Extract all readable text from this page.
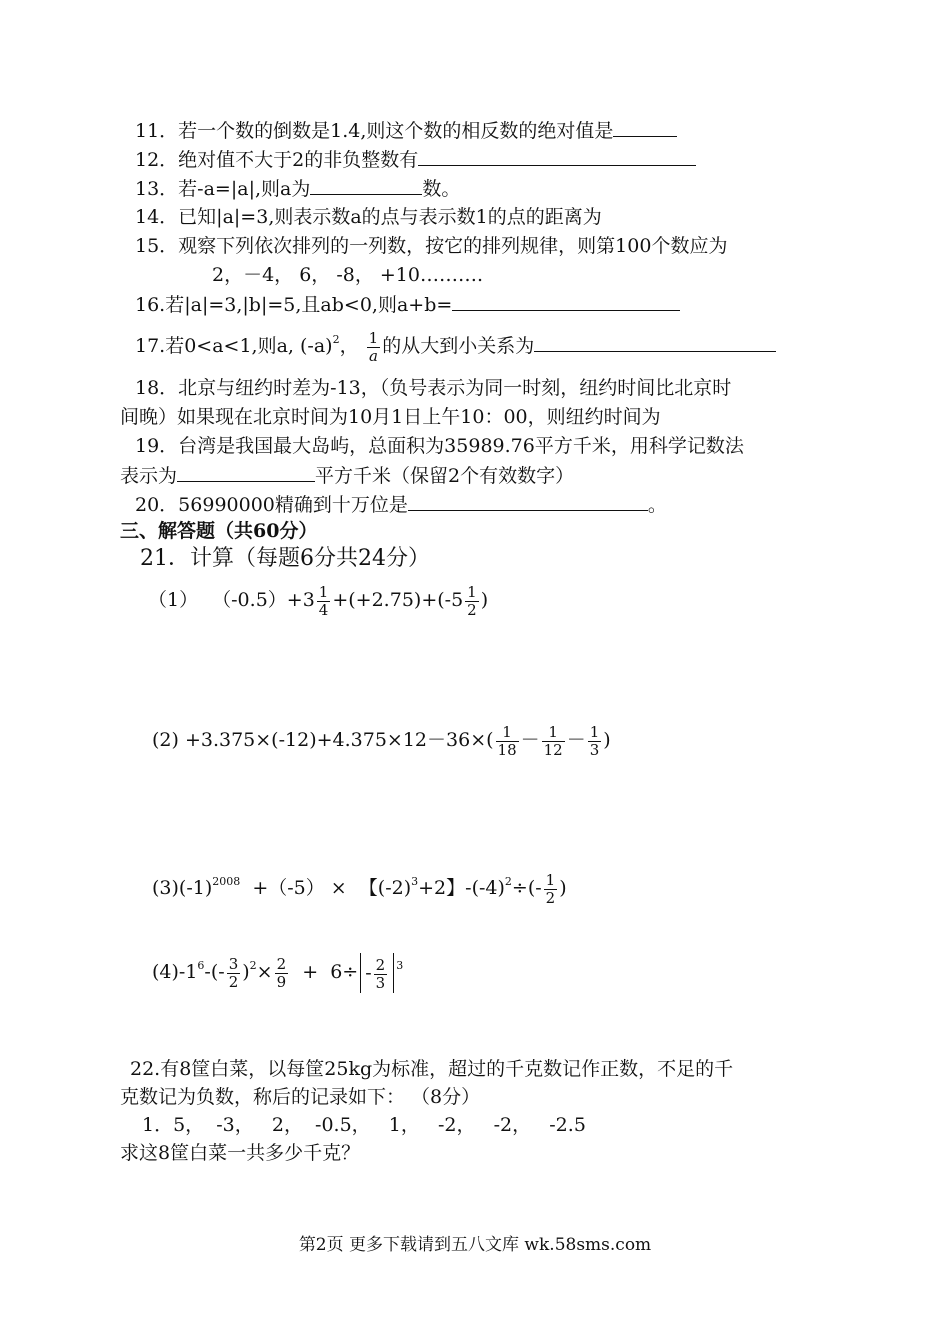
11．若一个数的倒数是1.4,则这个数的相反数的绝对值是
12．绝对值不大于2的非负整数有
13．若-a=|a|,则a为	数。
14．已知|a|=3,则表示数a的点与表示数1的点的距离为
15．观察下列依次排列的一列数，按它的排列规律，则第100个数应为
2，－4， 6， -8， +10……….
16.若|a|=3,|b|=5,且ab<0,则a+b=
17.若0<a<1,则a, $(-a)^2$， $\frac{1}{a}$ 的从大到小关系为
18．北京与纽约时差为-13，（负号表示为同一时刻，纽约时间比北京时
间晚）如果现在北京时间为10月1日上午10：00，则纽约时间为
19．台湾是我国最大岛屿，总面积为35989.76平方千米，用科学记数法
表示为	平方千米（保留2个有效数字）
20．56990000精确到十万位是	。
三、解答题（共60分）
21．计算（每题6分共24分）
（1） $(-0.5)+3 \frac{1}{4} +(+2.75)+(-5 \frac{1}{2}$ )
$(2) +3.375\times(-12)+4.375\times 12-36\times( \frac{1}{18} - \frac{1}{12} - \frac{1}{3}$ )
$(3)(-1)^{2008} +(-5)$ ×  【$(-2)^3+2$】$-(-4)^2\div(- \frac{1}{2}$ )
$(4)-1^6-(- \frac{3}{2} )^2\times \frac{2}{9} + 6\div - \frac{2}{3} ^3$
22.有8筐白菜，以每筐25kg为标准，超过的千克数记作正数，不足的千
克数记为负数，称后的记录如下： （8分）
1．5，  -3，   2，  -0.5，   1，   -2，   -2，   -2.5
求这8筐白菜一共多少千克？
第2页 更多下载请到五八文库 wk.58sms.com
